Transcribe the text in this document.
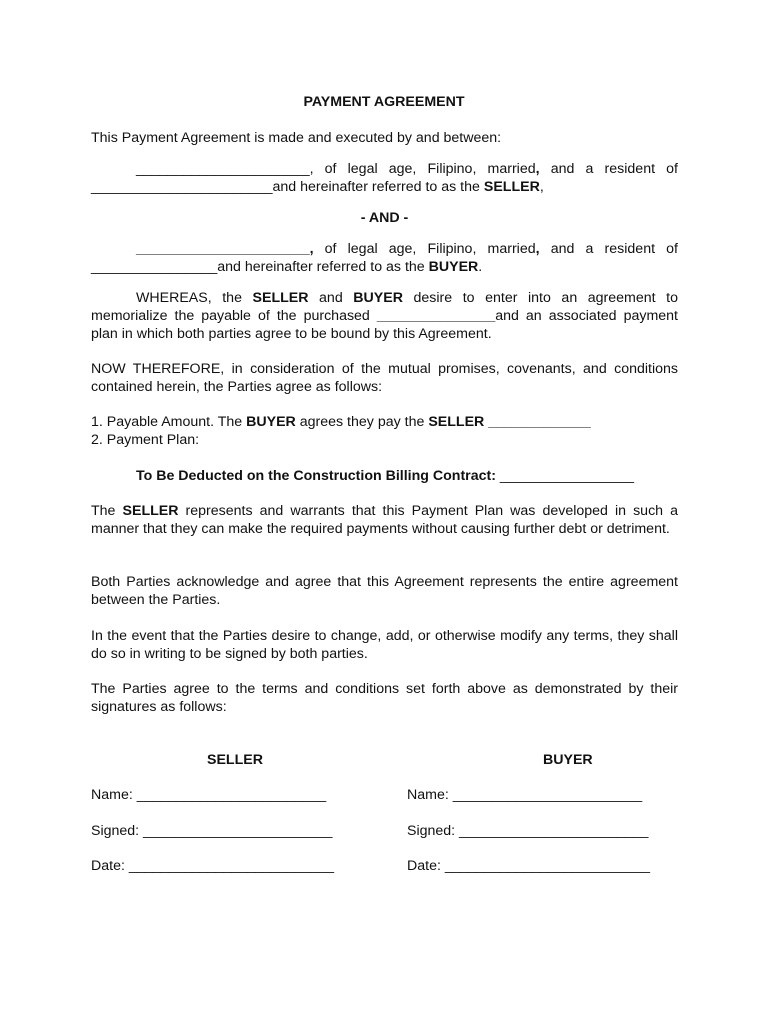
PAYMENT AGREEMENT
This Payment Agreement is made and executed by and between:
______________________, of legal age, Filipino, married, and a resident of
_______________________and hereinafter referred to as the SELLER,
- AND -
______________________, of legal age, Filipino, married, and a resident of
________________and hereinafter referred to as the BUYER.
WHEREAS, the SELLER and BUYER desire to enter into an agreement to memorialize the payable of the purchased _______________and an associated payment plan in which both parties agree to be bound by this Agreement.
NOW THEREFORE, in consideration of the mutual promises, covenants, and conditions contained herein, the Parties agree as follows:
1. Payable Amount. The BUYER agrees they pay the SELLER _____________
2. Payment Plan:
To Be Deducted on the Construction Billing Contract: _________________
The SELLER represents and warrants that this Payment Plan was developed in such a manner that they can make the required payments without causing further debt or detriment.
Both Parties acknowledge and agree that this Agreement represents the entire agreement between the Parties.
In the event that the Parties desire to change, add, or otherwise modify any terms, they shall do so in writing to be signed by both parties.
The Parties agree to the terms and conditions set forth above as demonstrated by their signatures as follows:
SELLER	BUYER
Name: ________________________
Signed: ________________________
Date: __________________________
Name: ________________________
Signed: ________________________
Date: __________________________
